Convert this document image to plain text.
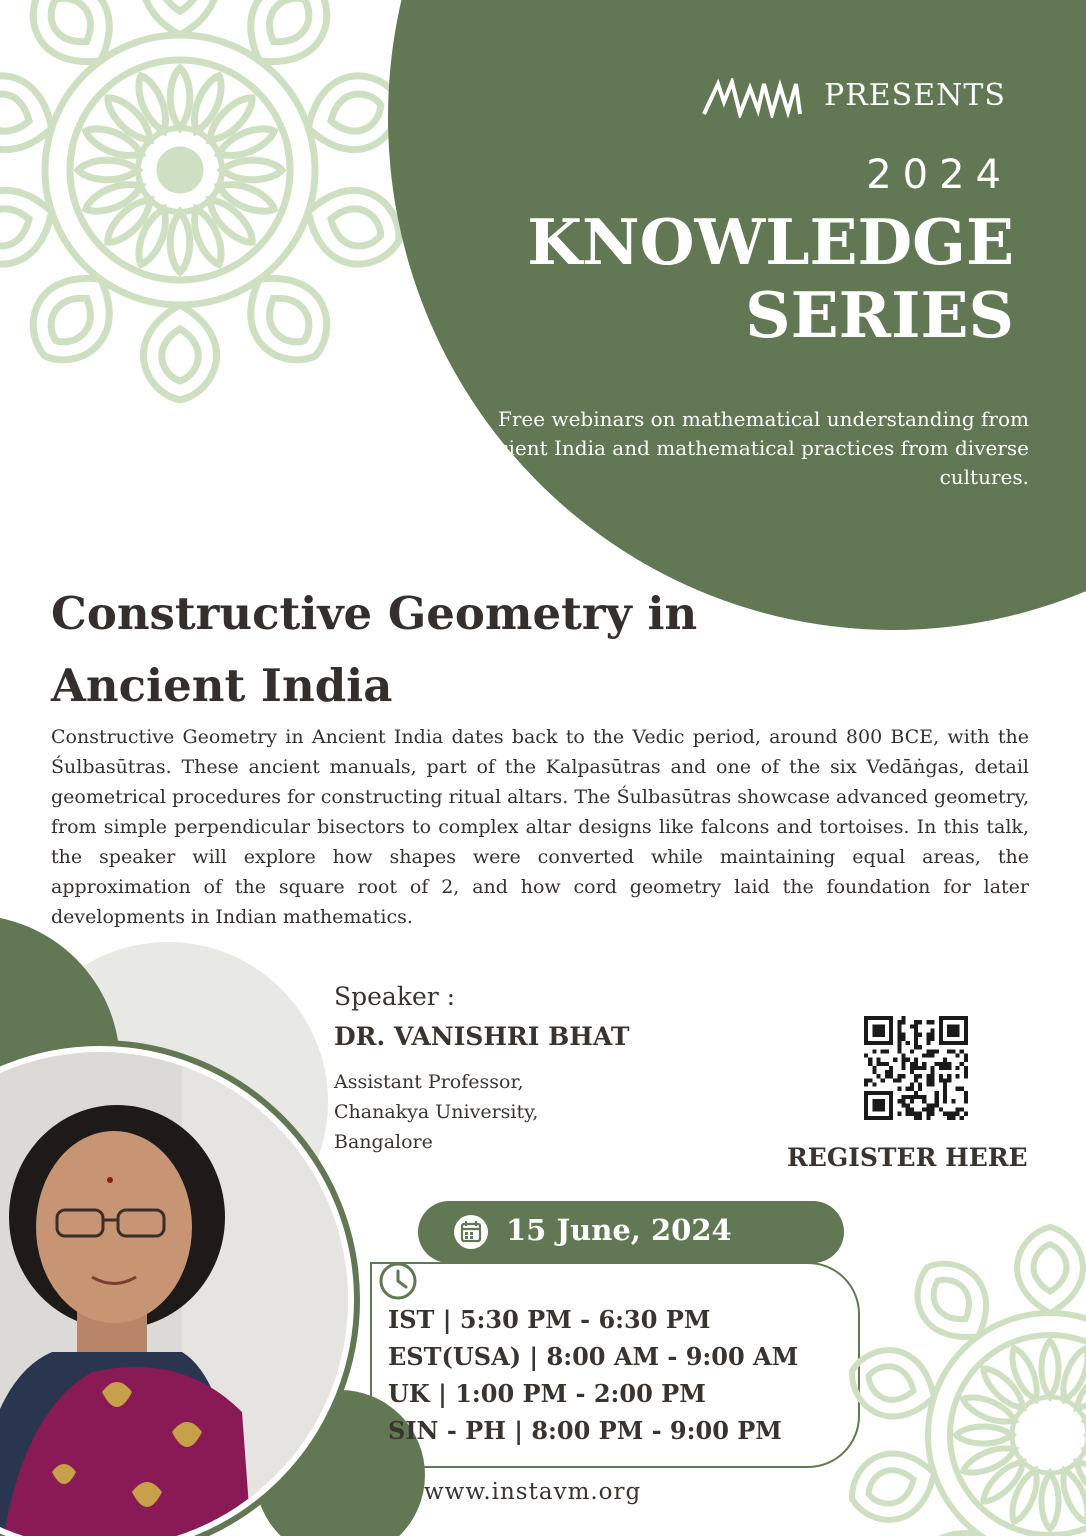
PRESENTS
2024
KNOWLEDGE SERIES
Free webinars on mathematical understanding from ancient India and mathematical practices from diverse cultures.
Constructive Geometry in Ancient India

Constructive Geometry in Ancient India dates back to the Vedic period, around 800 BCE, with the Śulbasūtras. These ancient manuals, part of the Kalpasūtras and one of the six Vedāṅgas, detail geometrical procedures for constructing ritual altars. The Śulbasūtras showcase advanced geometry, from simple perpendicular bisectors to complex altar designs like falcons and tortoises. In this talk, the speaker will explore how shapes were converted while maintaining equal areas, the approximation of the square root of 2, and how cord geometry laid the foundation for later developments in Indian mathematics.

Speaker :
DR. VANISHRI BHAT
Assistant Professor,
Chanakya University,
Bangalore
REGISTER HERE
15 June, 2024
IST | 5:30 PM - 6:30 PM
EST(USA) | 8:00 AM - 9:00 AM
UK | 1:00 PM - 2:00 PM
SIN - PH | 8:00 PM - 9:00 PM
www.instavm.org
